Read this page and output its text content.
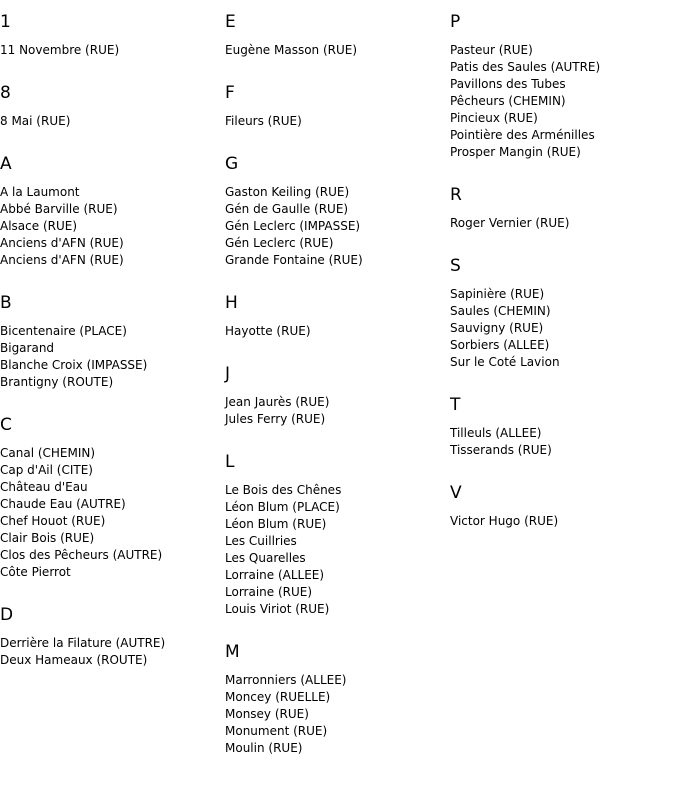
1
11 Novembre (RUE)
8
8 Mai (RUE)
A
A la Laumont
Abbé Barville (RUE)
Alsace (RUE)
Anciens d'AFN (RUE)
Anciens d'AFN (RUE)
B
Bicentenaire (PLACE)
Bigarand
Blanche Croix (IMPASSE)
Brantigny (ROUTE)
C
Canal (CHEMIN)
Cap d'Ail (CITE)
Château d'Eau
Chaude Eau (AUTRE)
Chef Houot (RUE)
Clair Bois (RUE)
Clos des Pêcheurs (AUTRE)
Côte Pierrot
D
Derrière la Filature (AUTRE)
Deux Hameaux (ROUTE)
E
Eugène Masson (RUE)
F
Fileurs (RUE)
G
Gaston Keiling (RUE)
Gén de Gaulle (RUE)
Gén Leclerc (IMPASSE)
Gén Leclerc (RUE)
Grande Fontaine (RUE)
H
Hayotte (RUE)
J
Jean Jaurès (RUE)
Jules Ferry (RUE)
L
Le Bois des Chênes
Léon Blum (PLACE)
Léon Blum (RUE)
Les Cuillries
Les Quarelles
Lorraine (ALLEE)
Lorraine (RUE)
Louis Viriot (RUE)
M
Marronniers (ALLEE)
Moncey (RUELLE)
Monsey (RUE)
Monument (RUE)
Moulin (RUE)
P
Pasteur (RUE)
Patis des Saules (AUTRE)
Pavillons des Tubes
Pêcheurs (CHEMIN)
Pincieux (RUE)
Pointière des Arménilles
Prosper Mangin (RUE)
R
Roger Vernier (RUE)
S
Sapinière (RUE)
Saules (CHEMIN)
Sauvigny (RUE)
Sorbiers (ALLEE)
Sur le Coté Lavion
T
Tilleuls (ALLEE)
Tisserands (RUE)
V
Victor Hugo (RUE)
